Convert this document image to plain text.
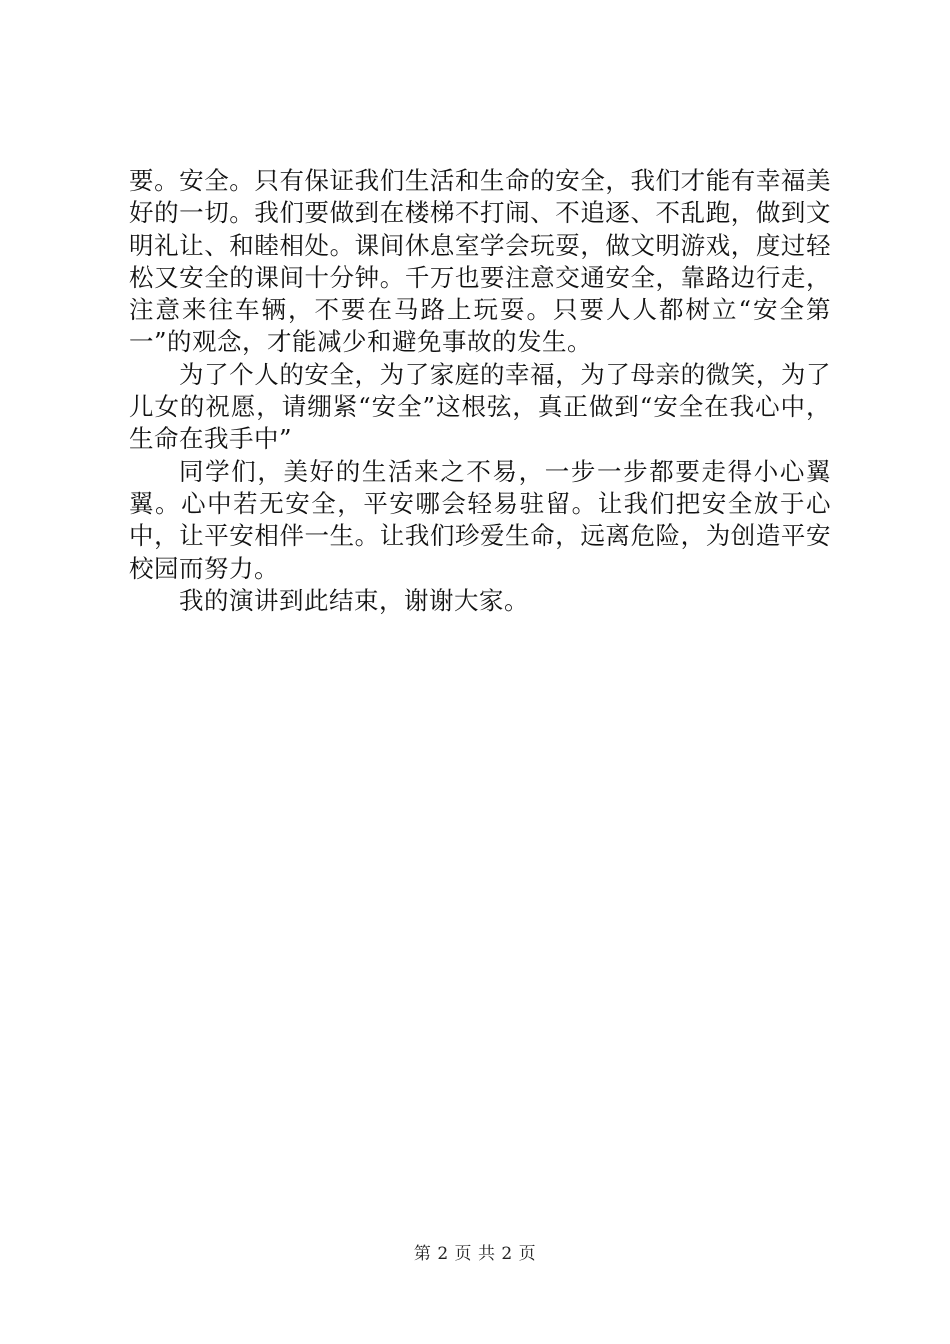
要。安全。只有保证我们生活和生命的安全，我们才能有幸福美好的一切。我们要做到在楼梯不打闹、不追逐、不乱跑，做到文明礼让、和睦相处。课间休息室学会玩耍，做文明游戏，度过轻松又安全的课间十分钟。千万也要注意交通安全，靠路边行走，注意来往车辆，不要在马路上玩耍。只要人人都树立“安全第一”的观念，才能减少和避免事故的发生。

为了个人的安全，为了家庭的幸福，为了母亲的微笑，为了儿女的祝愿，请绷紧“安全”这根弦，真正做到“安全在我心中，生命在我手中”

同学们，美好的生活来之不易，一步一步都要走得小心翼翼。心中若无安全，平安哪会轻易驻留。让我们把安全放于心中，让平安相伴一生。让我们珍爱生命，远离危险，为创造平安校园而努力。

我的演讲到此结束，谢谢大家。

第 2 页 共 2 页
